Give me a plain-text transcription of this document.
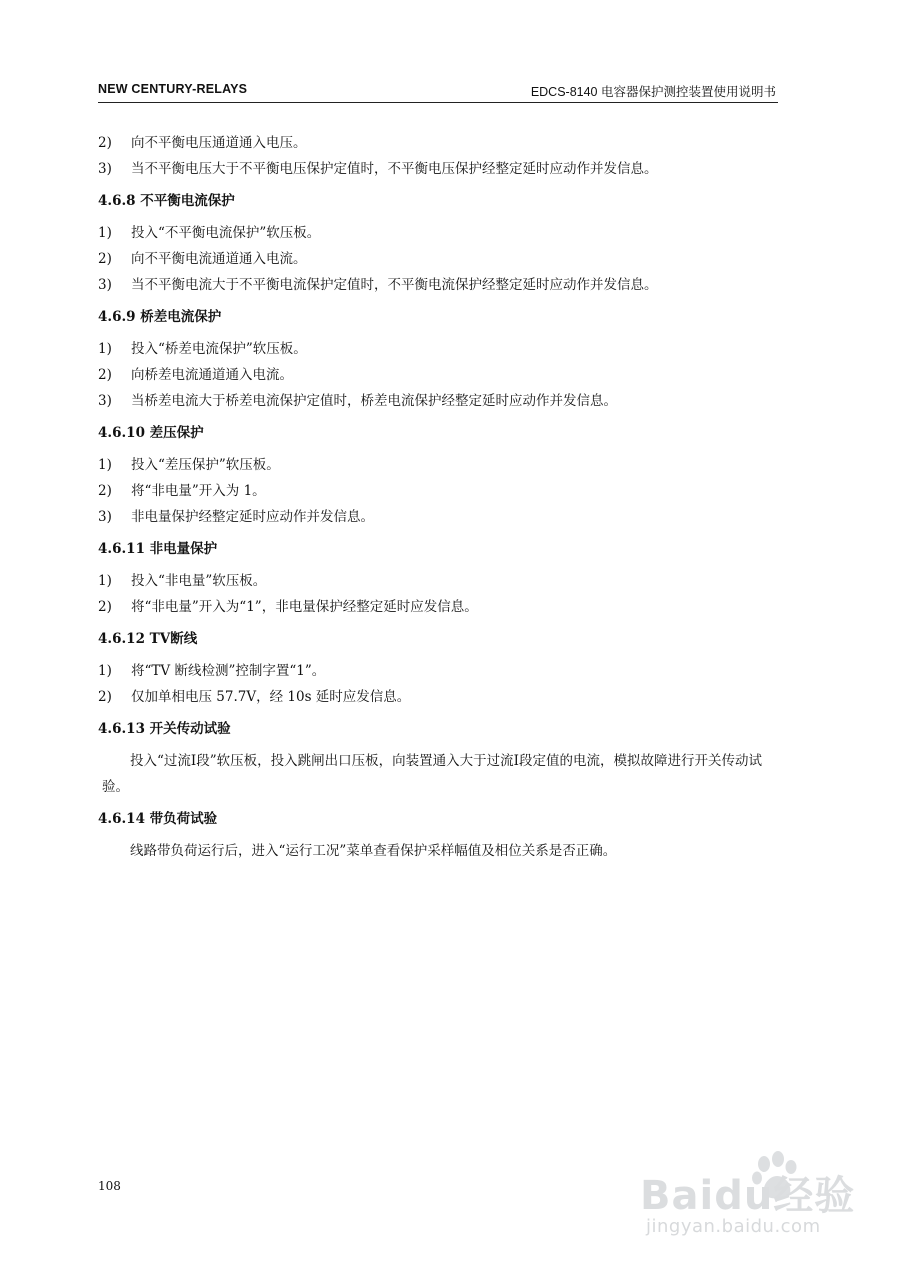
NEW CENTURY-RELAYS	EDCS-8140 电容器保护测控装置使用说明书
2) 向不平衡电压通道通入电压。
3) 当不平衡电压大于不平衡电压保护定值时，不平衡电压保护经整定延时应动作并发信息。
4.6.8 不平衡电流保护
1) 投入“不平衡电流保护”软压板。
2) 向不平衡电流通道通入电流。
3) 当不平衡电流大于不平衡电流保护定值时，不平衡电流保护经整定延时应动作并发信息。
4.6.9 桥差电流保护
1) 投入“桥差电流保护”软压板。
2) 向桥差电流通道通入电流。
3) 当桥差电流大于桥差电流保护定值时，桥差电流保护经整定延时应动作并发信息。
4.6.10 差压保护
1) 投入“差压保护”软压板。
2) 将“非电量”开入为 1。
3) 非电量保护经整定延时应动作并发信息。
4.6.11 非电量保护
1) 投入“非电量”软压板。
2) 将“非电量”开入为“1”，非电量保护经整定延时应发信息。
4.6.12 TV断线
1) 将“TV 断线检测”控制字置“1”。
2) 仅加单相电压 57.7V，经 10s 延时应发信息。
4.6.13 开关传动试验
投入“过流Ⅰ段”软压板，投入跳闸出口压板，向装置通入大于过流Ⅰ段定值的电流，模拟故障进行开关传动试验。
4.6.14 带负荷试验
线路带负荷运行后，进入“运行工况”菜单查看保护采样幅值及相位关系是否正确。
108	Baidu经验
jingyan.baidu.com
